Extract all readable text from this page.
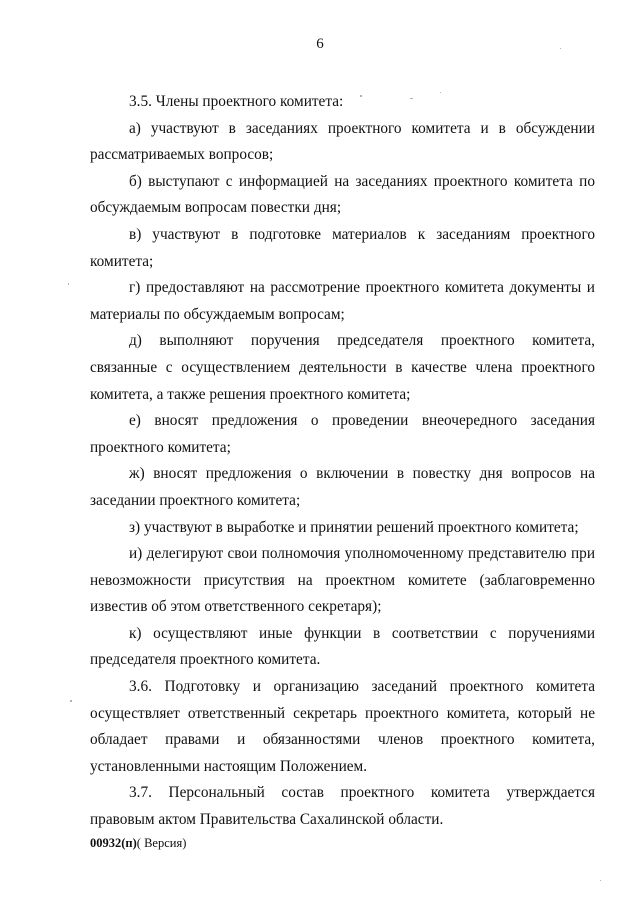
6

3.5. Члены проектного комитета:

а) участвуют в заседаниях проектного комитета и в обсуждении рассматриваемых вопросов;

б) выступают с информацией на заседаниях проектного комитета по обсуждаемым вопросам повестки дня;

в) участвуют в подготовке материалов к заседаниям проектного комитета;

г) предоставляют на рассмотрение проектного комитета документы и материалы по обсуждаемым вопросам;

д) выполняют поручения председателя проектного комитета, связанные с осуществлением деятельности в качестве члена проектного комитета, а также решения проектного комитета;

е) вносят предложения о проведении внеочередного заседания проектного комитета;

ж) вносят предложения о включении в повестку дня вопросов на заседании проектного комитета;

з) участвуют в выработке и принятии решений проектного комитета;

и) делегируют свои полномочия уполномоченному представителю при невозможности присутствия на проектном комитете (заблаговременно известив об этом ответственного секретаря);

к) осуществляют иные функции в соответствии с поручениями председателя проектного комитета.

3.6. Подготовку и организацию заседаний проектного комитета осуществляет ответственный секретарь проектного комитета, который не обладает правами и обязанностями членов проектного комитета, установленными настоящим Положением.

3.7. Персональный состав проектного комитета утверждается правовым актом Правительства Сахалинской области.

00932(п)( Версия)
